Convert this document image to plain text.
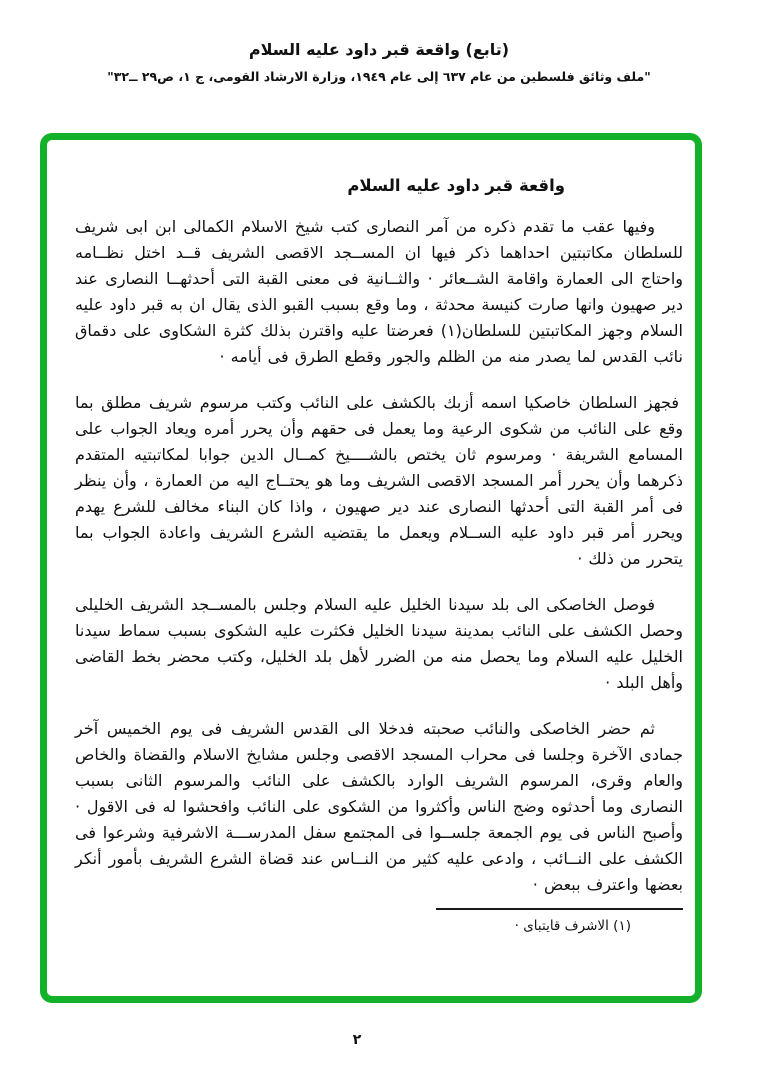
(تابع) واقعة قبر داود عليه السلام
"ملف وثائق فلسطين من عام ٦٣٧ إلى عام ١٩٤٩، وزارة الارشاد القومى، ج ١، ص٢٩ ــ٣٢"
واقعة قبر داود عليه السلام

وفيها عقب ما تقدم ذكره من آمر النصارى كتب شيخ الاسلام الكمالى ابن ابى شريف للسلطان مكاتبتين احداهما ذكر فيها ان المســجد الاقصى الشريف قــد اختل نظــامه واحتاج الى العمارة واقامة الشــعائر · والثــانية فى معنى القبة التى أحدثهــا النصارى عند دير صهيون وانها صارت كنيسة محدثة ، وما وقع بسبب القبو الذى يقال ان به قبر داود عليه السلام وجهز المكاتبتين للسلطان(١) فعرضتا عليه واقترن بذلك كثرة الشكاوى على دقماق نائب القدس لما يصدر منه من الظلم والجور وقطع الطرق فى أيامه ·

فجهز السلطان خاصكيا اسمه أزبك بالكشف على النائب وكتب مرسوم شريف مطلق بما وقع على النائب من شكوى الرعية وما يعمل فى حقهم وأن يحرر أمره ويعاد الجواب على المسامع الشريفة · ومرسوم ثان يختص بالشــــيخ كمــال الدين جوابا لمكاتبتيه المتقدم ذكرهما وأن يحرر أمر المسجد الاقصى الشريف وما هو يحتــاج اليه من العمارة ، وأن ينظر فى أمر القبة التى أحدثها النصارى عند دير صهيون ، واذا كان البناء مخالف للشرع يهدم ويحرر أمر قبر داود عليه الســلام ويعمل ما يقتضيه الشرع الشريف واعادة الجواب بما يتحرر من ذلك ·

فوصل الخاصكى الى بلد سيدنا الخليل عليه السلام وجلس بالمســجد الشريف الخليلى وحصل الكشف على النائب بمدينة سيدنا الخليل فكثرت عليه الشكوى بسبب سماط سيدنا الخليل عليه السلام وما يحصل منه من الضرر لأهل بلد الخليل، وكتب محضر بخط القاضى وأهل البلد ·

ثم حضر الخاصكى والنائب صحبته فدخلا الى القدس الشريف فى يوم الخميس آخر جمادى الآخرة وجلسا فى محراب المسجد الاقصى وجلس مشايخ الاسلام والقضاة والخاص والعام وقرى، المرسوم الشريف الوارد بالكشف على النائب والمرسوم الثانى بسبب النصارى وما أحدثوه وضج الناس وأكثروا من الشكوى على النائب وافحشوا له فى الاقول · وأصبح الناس فى يوم الجمعة جلســوا فى المجتمع سفل المدرســـة الاشرفية وشرعوا فى الكشف على النــائب ، وادعى عليه كثير من النــاس عند قضاة الشرع الشريف بأمور أنكر بعضها واعترف ببعض ·

(١) الاشرف قايتباى ·
٢
